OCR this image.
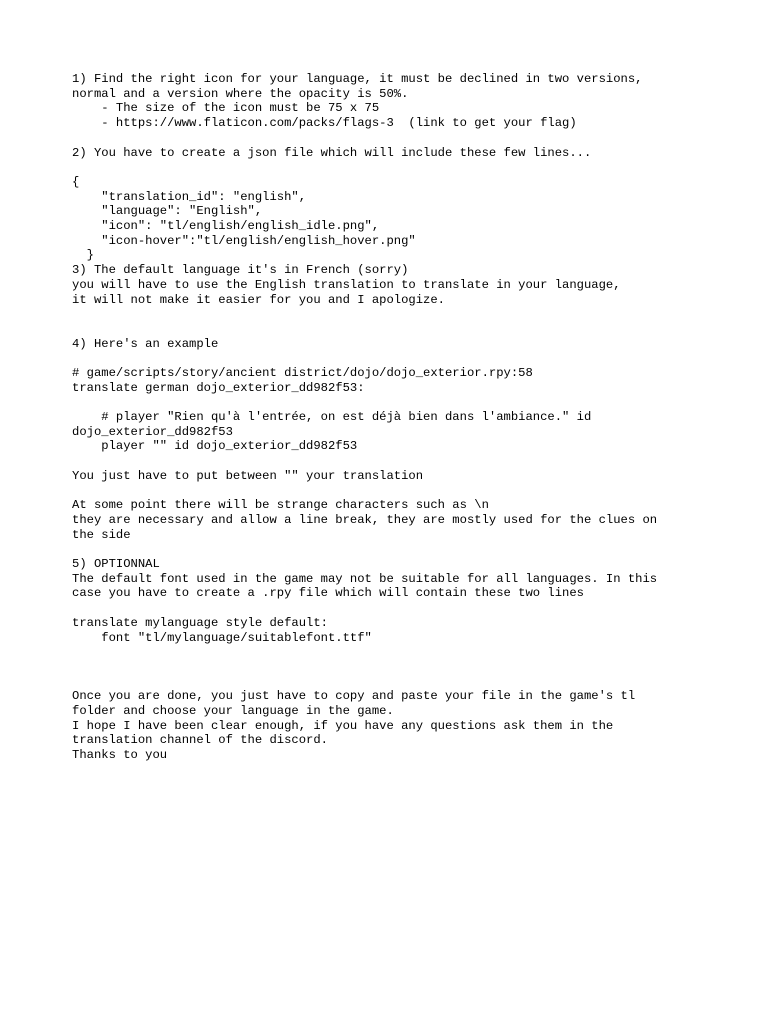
1) Find the right icon for your language, it must be declined in two versions,
normal and a version where the opacity is 50%.
- The size of the icon must be 75 x 75
- https://www.flaticon.com/packs/flags-3  (link to get your flag)
2) You have to create a json file which will include these few lines...
{
"translation_id": "english",
"language": "English",
"icon": "tl/english/english_idle.png",
"icon-hover":"tl/english/english_hover.png"
}
3) The default language it's in French (sorry)
you will have to use the English translation to translate in your language,
it will not make it easier for you and I apologize.
4) Here's an example
# game/scripts/story/ancient district/dojo/dojo_exterior.rpy:58
translate german dojo_exterior_dd982f53:
# player "Rien qu'à l'entrée, on est déjà bien dans l'ambiance." id
dojo_exterior_dd982f53
player "" id dojo_exterior_dd982f53
You just have to put between "" your translation
At some point there will be strange characters such as \n
they are necessary and allow a line break, they are mostly used for the clues on
the side
5) OPTIONNAL
The default font used in the game may not be suitable for all languages. In this
case you have to create a .rpy file which will contain these two lines
translate mylanguage style default:
font "tl/mylanguage/suitablefont.ttf"
Once you are done, you just have to copy and paste your file in the game's tl
folder and choose your language in the game.
I hope I have been clear enough, if you have any questions ask them in the
translation channel of the discord.
Thanks to you
